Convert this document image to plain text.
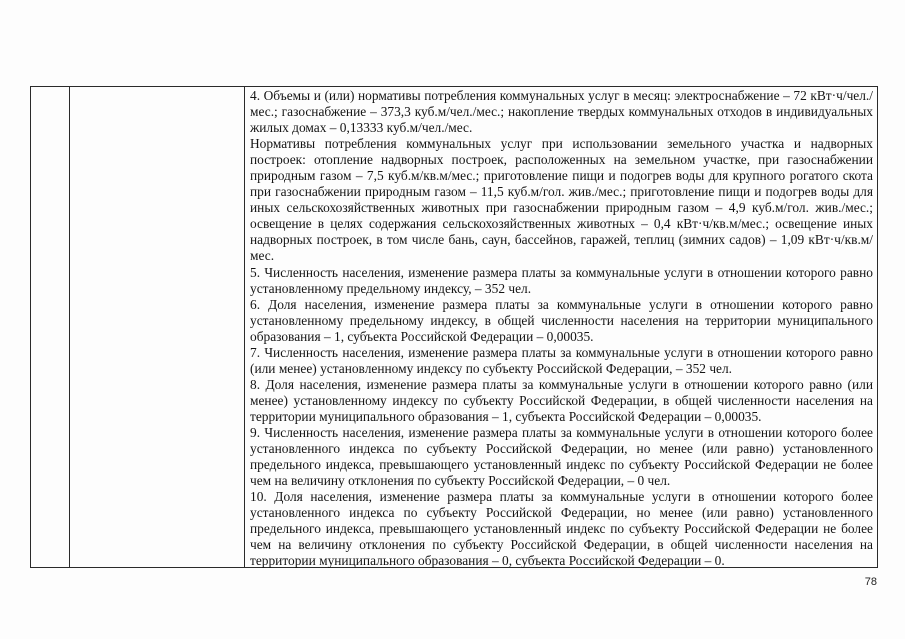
4. Объемы и (или) нормативы потребления коммунальных услуг в месяц: электроснабжение – 72 кВт·ч/чел./мес.; газоснабжение – 373,3 куб.м/чел./мес.; накопление твердых коммунальных отходов в индивидуальных жилых домах – 0,13333 куб.м/чел./мес.

Нормативы потребления коммунальных услуг при использовании земельного участка и надворных построек: отопление надворных построек, расположенных на земельном участке, при газоснабжении природным газом – 7,5 куб.м/кв.м/мес.; приготовление пищи и подогрев воды для крупного рогатого скота при газоснабжении природным газом – 11,5 куб.м/гол. жив./мес.; приготовление пищи и подогрев воды для иных сельскохозяйственных животных при газоснабжении природным газом – 4,9 куб.м/гол. жив./мес.; освещение в целях содержания сельскохозяйственных животных – 0,4 кВт·ч/кв.м/мес.; освещение иных надворных построек, в том числе бань, саун, бассейнов, гаражей, теплиц (зимних садов) – 1,09 кВт·ч/кв.м/мес.

5. Численность населения, изменение размера платы за коммунальные услуги в отношении которого равно установленному предельному индексу, – 352 чел.

6. Доля населения, изменение размера платы за коммунальные услуги в отношении которого равно установленному предельному индексу, в общей численности населения на территории муниципального образования – 1, субъекта Российской Федерации – 0,00035.

7. Численность населения, изменение размера платы за коммунальные услуги в отношении которого равно (или менее) установленному индексу по субъекту Российской Федерации, – 352 чел.

8. Доля населения, изменение размера платы за коммунальные услуги в отношении которого равно (или менее) установленному индексу по субъекту Российской Федерации, в общей численности населения на территории муниципального образования – 1, субъекта Российской Федерации – 0,00035.

9. Численность населения, изменение размера платы за коммунальные услуги в отношении которого более установленного индекса по субъекту Российской Федерации, но менее (или равно) установленного предельного индекса, превышающего установленный индекс по субъекту Российской Федерации не более чем на величину отклонения по субъекту Российской Федерации, – 0 чел.

10. Доля населения, изменение размера платы за коммунальные услуги в отношении которого более установленного индекса по субъекту Российской Федерации, но менее (или равно) установленного предельного индекса, превышающего установленный индекс по субъекту Российской Федерации не более чем на величину отклонения по субъекту Российской Федерации, в общей численности населения на территории муниципального образования – 0, субъекта Российской Федерации – 0.

78
